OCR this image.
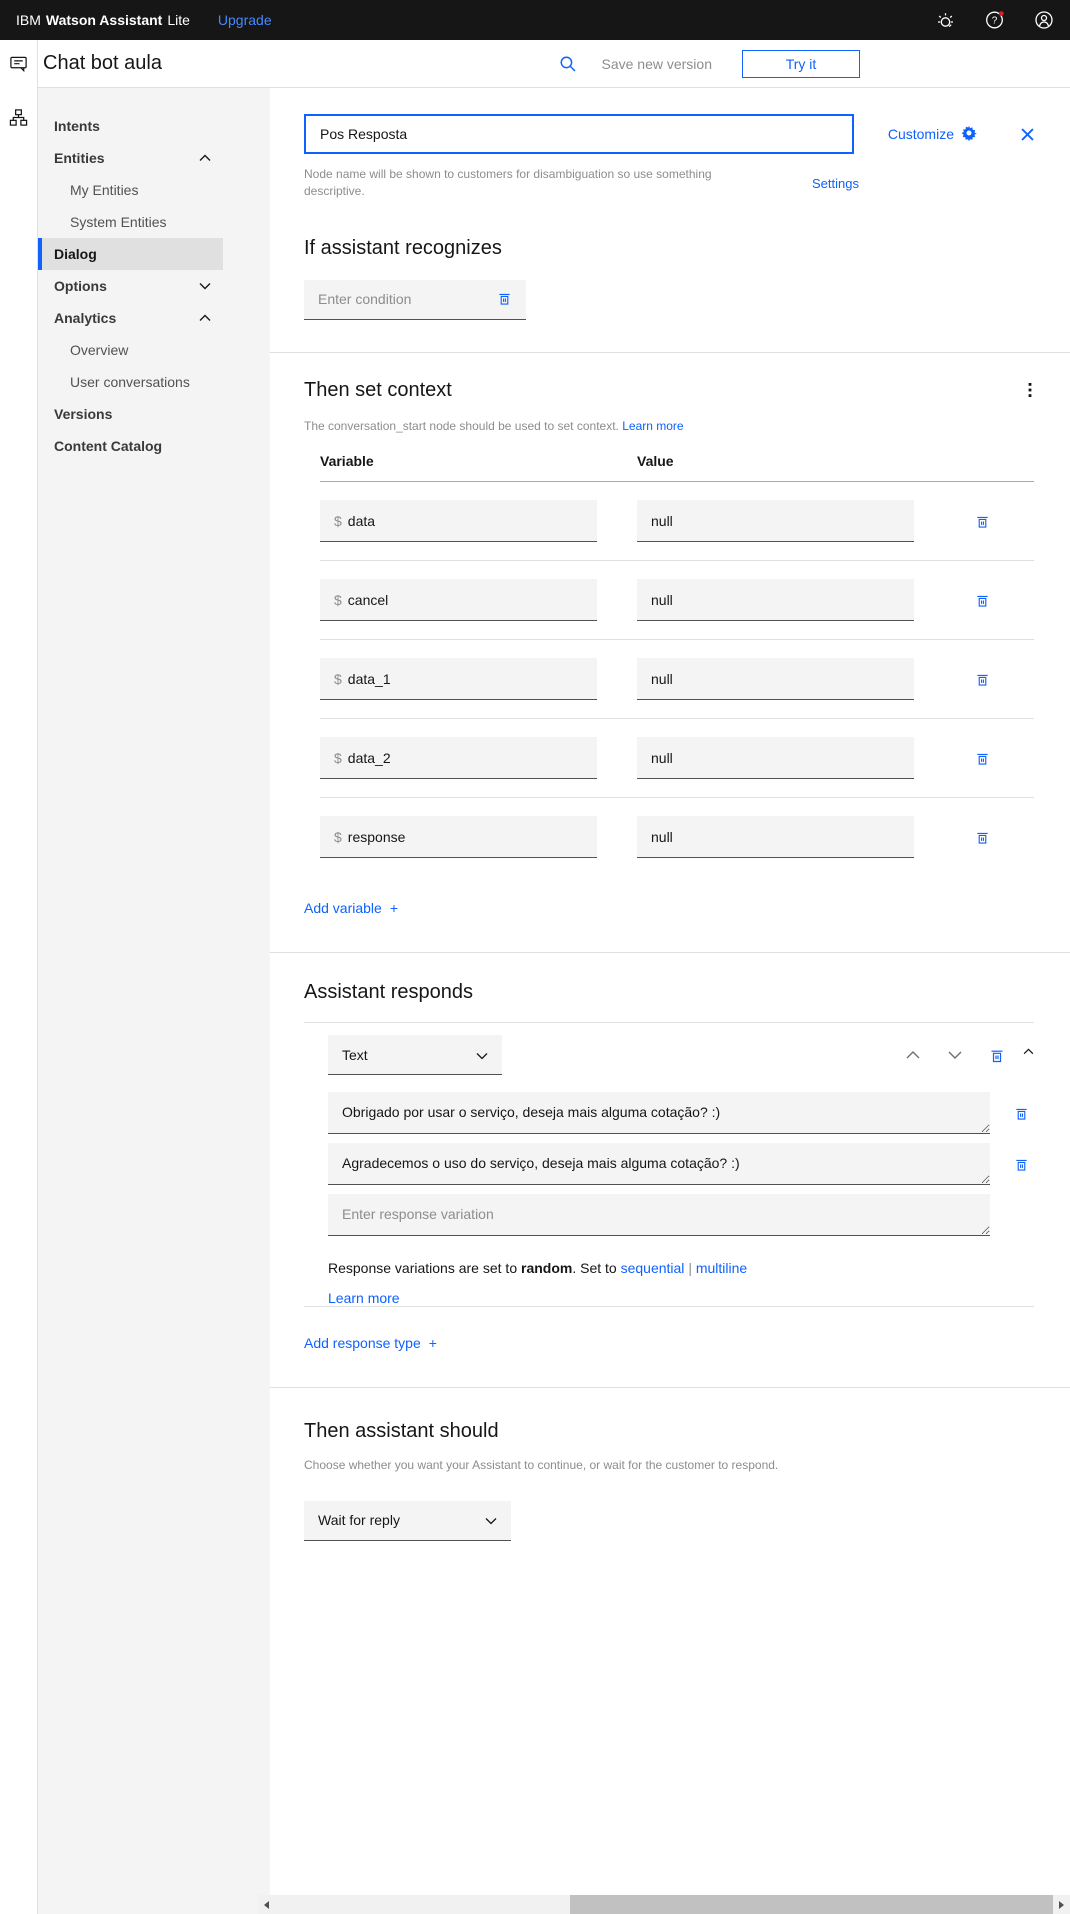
IBM Watson Assistant Lite Upgrade	?
Chat bot aula	Save new version	Try it
Intents
Entities
My Entities
System Entities
Dialog
Options
Analytics
Overview
User conversations
Versions
Content Catalog
Pos Resposta
Customize
Node name will be shown to customers for disambiguation so use something descriptive.
Settings
If assistant recognizes
Enter condition
Then set context
The conversation_start node should be used to set context. Learn more
Variable	Value
$ data	null
$ cancel	null
$ data_1	null
$ data_2	null
$ response	null
Add variable +
Assistant responds
Text
Obrigado por usar o serviço, deseja mais alguma cotação? :)
Agradecemos o uso do serviço, deseja mais alguma cotação? :)
Enter response variation
Response variations are set to random. Set to sequential | multiline
Learn more
Add response type +
Then assistant should
Choose whether you want your Assistant to continue, or wait for the customer to respond.
Wait for reply
